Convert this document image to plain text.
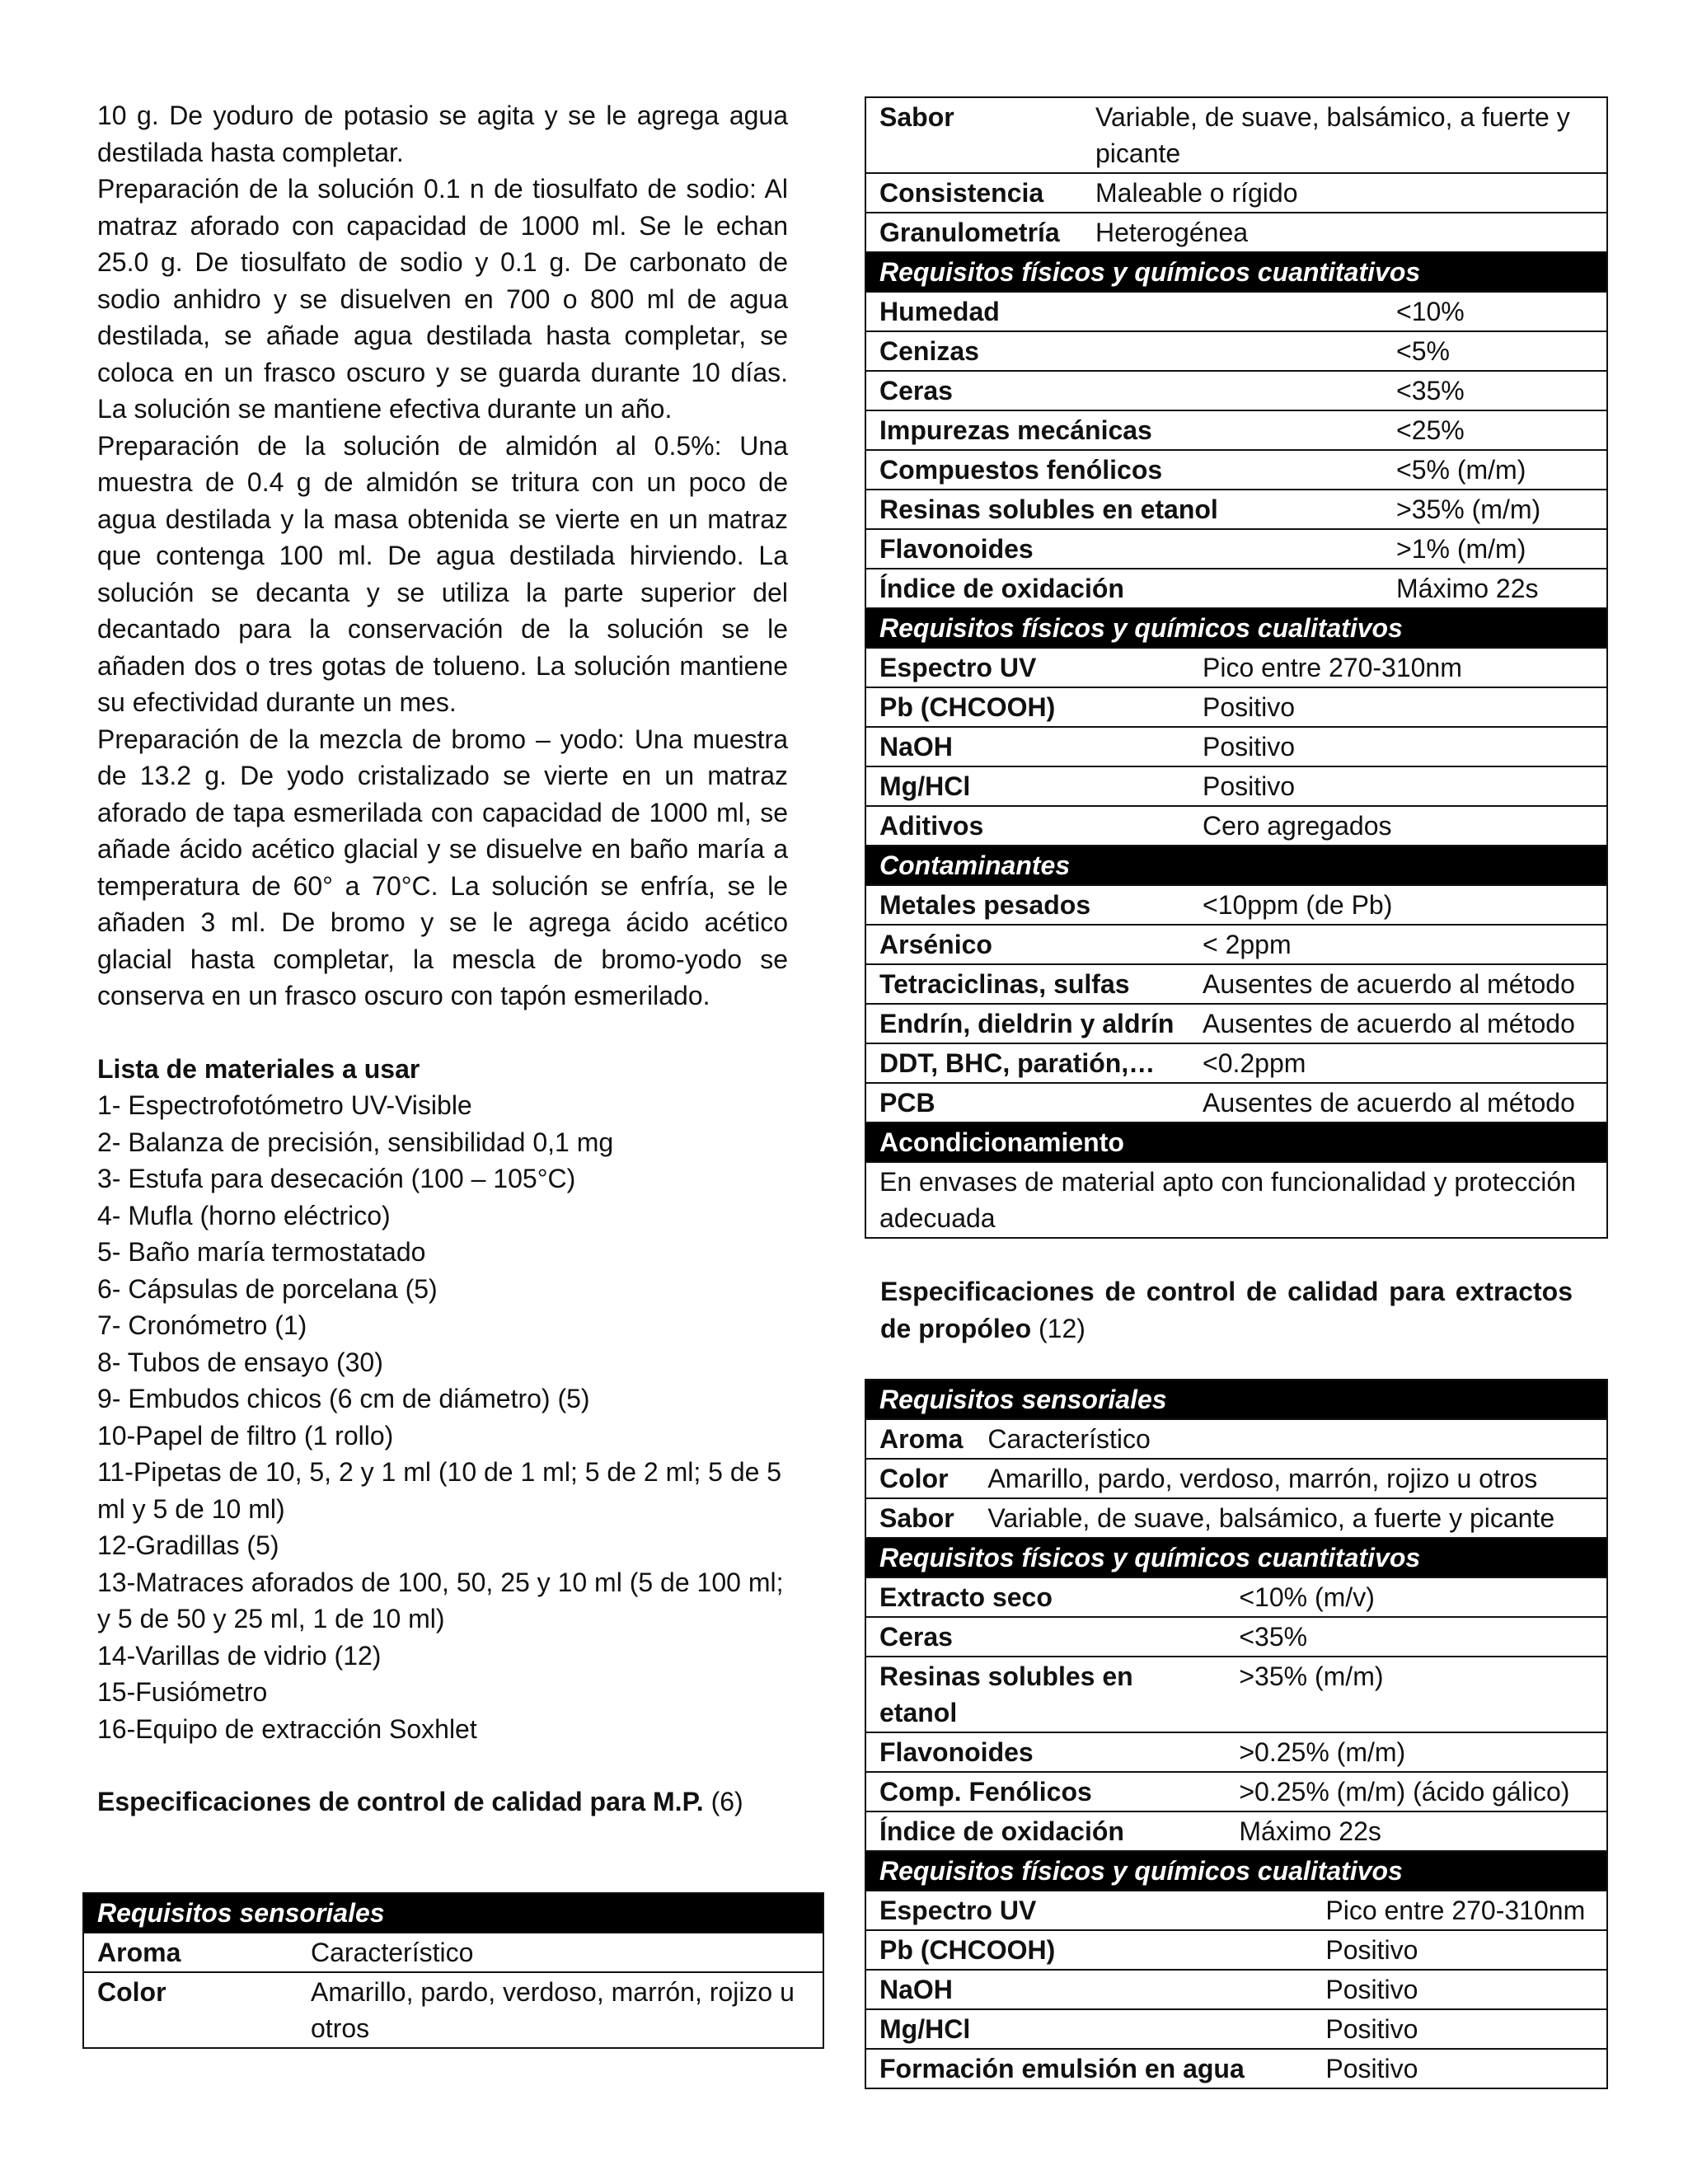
10 g. De yoduro de potasio se agita y se le agrega agua destilada hasta completar.
Preparación de la solución 0.1 n de tiosulfato de sodio: Al matraz aforado con capacidad de 1000 ml. Se le echan 25.0 g. De tiosulfato de sodio y 0.1 g. De carbonato de sodio anhidro y se disuelven en 700 o 800 ml de agua destilada, se añade agua destilada hasta completar, se coloca en un frasco oscuro y se guarda durante 10 días. La solución se mantiene efectiva durante un año.
Preparación de la solución de almidón al 0.5%: Una muestra de 0.4 g de almidón se tritura con un poco de agua destilada y la masa obtenida se vierte en un matraz que contenga 100 ml. De agua destilada hirviendo. La solución se decanta y se utiliza la parte superior del decantado para la conservación de la solución se le añaden dos o tres gotas de tolueno. La solución mantiene su efectividad durante un mes.
Preparación de la mezcla de bromo – yodo: Una muestra de 13.2 g. De yodo cristalizado se vierte en un matraz aforado de tapa esmerilada con capacidad de 1000 ml, se añade ácido acético glacial y se disuelve en baño maría a temperatura de 60° a 70°C. La solución se enfría, se le añaden 3 ml. De bromo y se le agrega ácido acético glacial hasta completar, la mescla de bromo-yodo se conserva en un frasco oscuro con tapón esmerilado.
Lista de materiales a usar
1- Espectrofotómetro UV-Visible
2- Balanza de precisión, sensibilidad 0,1 mg
3- Estufa para desecación (100 – 105°C)
4- Mufla (horno eléctrico)
5- Baño maría termostatado
6- Cápsulas de porcelana (5)
7- Cronómetro (1)
8- Tubos de ensayo (30)
9- Embudos chicos (6 cm de diámetro) (5)
10-Papel de filtro (1 rollo)
11-Pipetas de 10, 5, 2 y 1 ml (10 de 1 ml; 5 de 2 ml; 5 de 5 ml y 5 de 10 ml)
12-Gradillas (5)
13-Matraces aforados de 100, 50, 25 y 10 ml (5 de 100 ml; y 5 de 50 y 25 ml, 1 de 10 ml)
14-Varillas de vidrio (12)
15-Fusiómetro
16-Equipo de extracción Soxhlet
Especificaciones de control de calidad para M.P. (6)
Requisitos sensoriales	
Aroma	Característico
Color	Amarillo, pardo, verdoso, marrón, rojizo u otros
Sabor	Variable, de suave, balsámico, a fuerte y picante		
Consistencia	Maleable o rígido		
Granulometría	Heterogénea		
Requisitos físicos y químicos cuantitativos			
Humedad			<10%
Cenizas			<5%
Ceras			<35%
Impurezas mecánicas			<25%
Compuestos fenólicos			<5% (m/m)
Resinas solubles en etanol			>35% (m/m)
Flavonoides			>1% (m/m)
Índice de oxidación			Máximo 22s
Requisitos físicos y químicos cualitativos			
Espectro UV		Pico entre 270-310nm	
Pb (CHCOOH)		Positivo	
NaOH		Positivo	
Mg/HCl		Positivo	
Aditivos		Cero agregados	
Contaminantes			
Metales pesados		<10ppm (de Pb)	
Arsénico		< 2ppm	
Tetraciclinas, sulfas		Ausentes de acuerdo al método	
Endrín, dieldrin y aldrín		Ausentes de acuerdo al método	
DDT, BHC, paratión,…		<0.2ppm	
PCB		Ausentes de acuerdo al método	
Acondicionamiento			
En envases de material apto con funcionalidad y protección adecuada			
Especificaciones de control de calidad para extractos de propóleo (12)
Requisitos sensoriales			
Aroma	Característico		
Color	Amarillo, pardo, verdoso, marrón, rojizo u otros		
Sabor	Variable, de suave, balsámico, a fuerte y picante		
Requisitos físicos y químicos cuantitativos			
Extracto seco		<10% (m/v)	
Ceras		<35%	
Resinas solubles en etanol		>35% (m/m)	
Flavonoides		>0.25% (m/m)	
Comp. Fenólicos		>0.25% (m/m) (ácido gálico)	
Índice de oxidación		Máximo 22s	
Requisitos físicos y químicos cualitativos			
Espectro UV			Pico entre 270-310nm
Pb (CHCOOH)			Positivo
NaOH			Positivo
Mg/HCl			Positivo
Formación emulsión en agua			Positivo
